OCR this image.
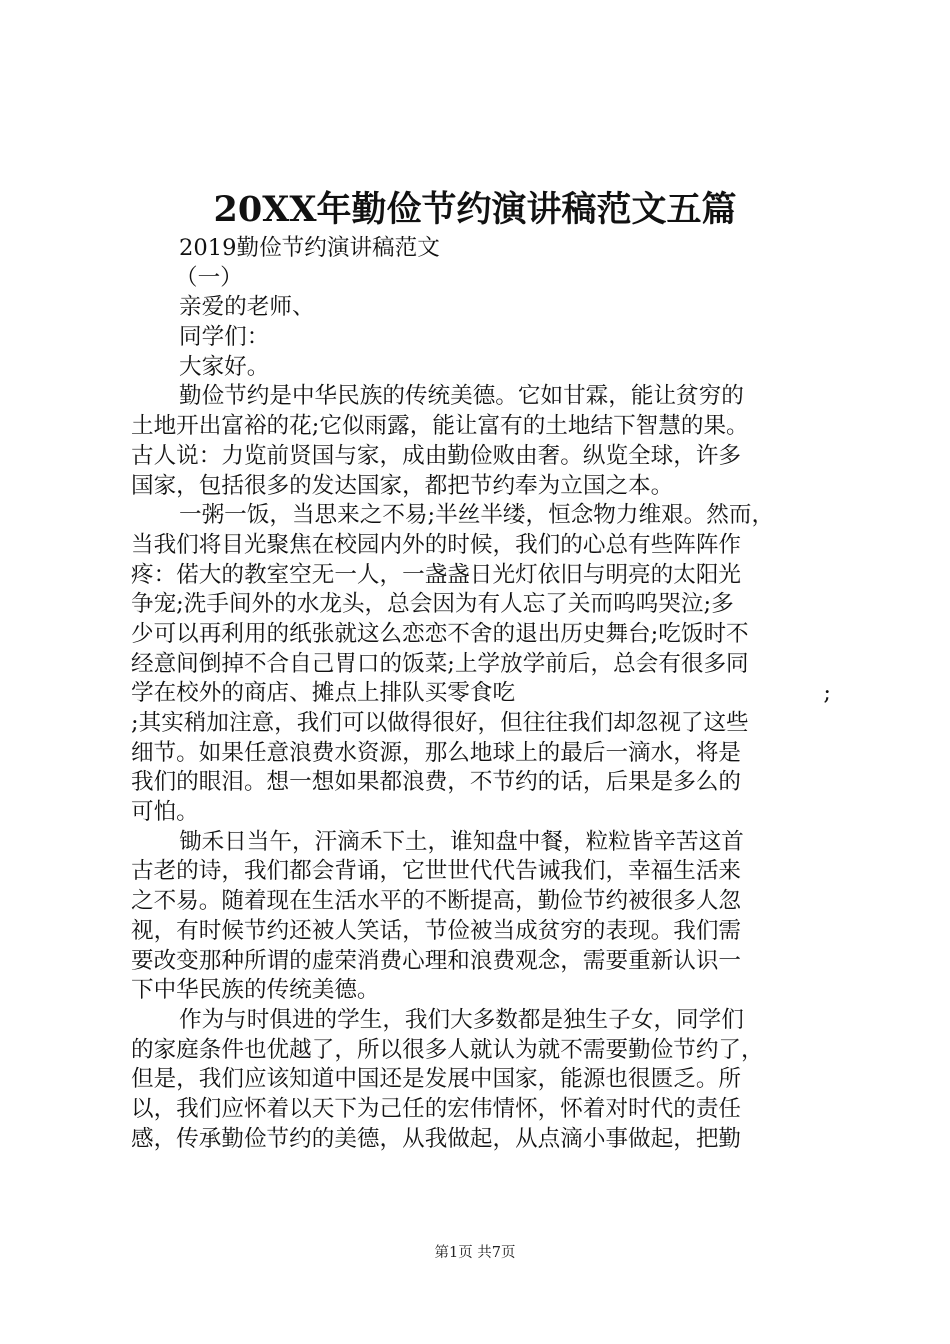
20XX年勤俭节约演讲稿范文五篇
2019勤俭节约演讲稿范文
（一）
亲爱的老师、
同学们：
大家好。
勤俭节约是中华民族的传统美德。它如甘霖，能让贫穷的
土地开出富裕的花;它似雨露，能让富有的土地结下智慧的果。
古人说：力览前贤国与家，成由勤俭败由奢。纵览全球，许多
国家，包括很多的发达国家，都把节约奉为立国之本。
一粥一饭，当思来之不易;半丝半缕，恒念物力维艰。然而，
当我们将目光聚焦在校园内外的时候，我们的心总有些阵阵作
疼：偌大的教室空无一人，一盏盏日光灯依旧与明亮的太阳光
争宠;洗手间外的水龙头，总会因为有人忘了关而呜呜哭泣;多
少可以再利用的纸张就这么恋恋不舍的退出历史舞台;吃饭时不
经意间倒掉不合自己胃口的饭菜;上学放学前后，总会有很多同
学在校外的商店、摊点上排队买零食吃	;
;其实稍加注意，我们可以做得很好，但往往我们却忽视了这些
细节。如果任意浪费水资源，那么地球上的最后一滴水，将是
我们的眼泪。想一想如果都浪费，不节约的话，后果是多么的
可怕。
锄禾日当午，汗滴禾下土，谁知盘中餐，粒粒皆辛苦这首
古老的诗，我们都会背诵，它世世代代告诫我们，幸福生活来
之不易。随着现在生活水平的不断提高，勤俭节约被很多人忽
视，有时候节约还被人笑话，节俭被当成贫穷的表现。我们需
要改变那种所谓的虚荣消费心理和浪费观念，需要重新认识一
下中华民族的传统美德。
作为与时俱进的学生，我们大多数都是独生子女，同学们
的家庭条件也优越了，所以很多人就认为就不需要勤俭节约了，
但是，我们应该知道中国还是发展中国家，能源也很匮乏。所
以，我们应怀着以天下为己任的宏伟情怀，怀着对时代的责任
感，传承勤俭节约的美德，从我做起，从点滴小事做起，把勤
第1页 共7页
